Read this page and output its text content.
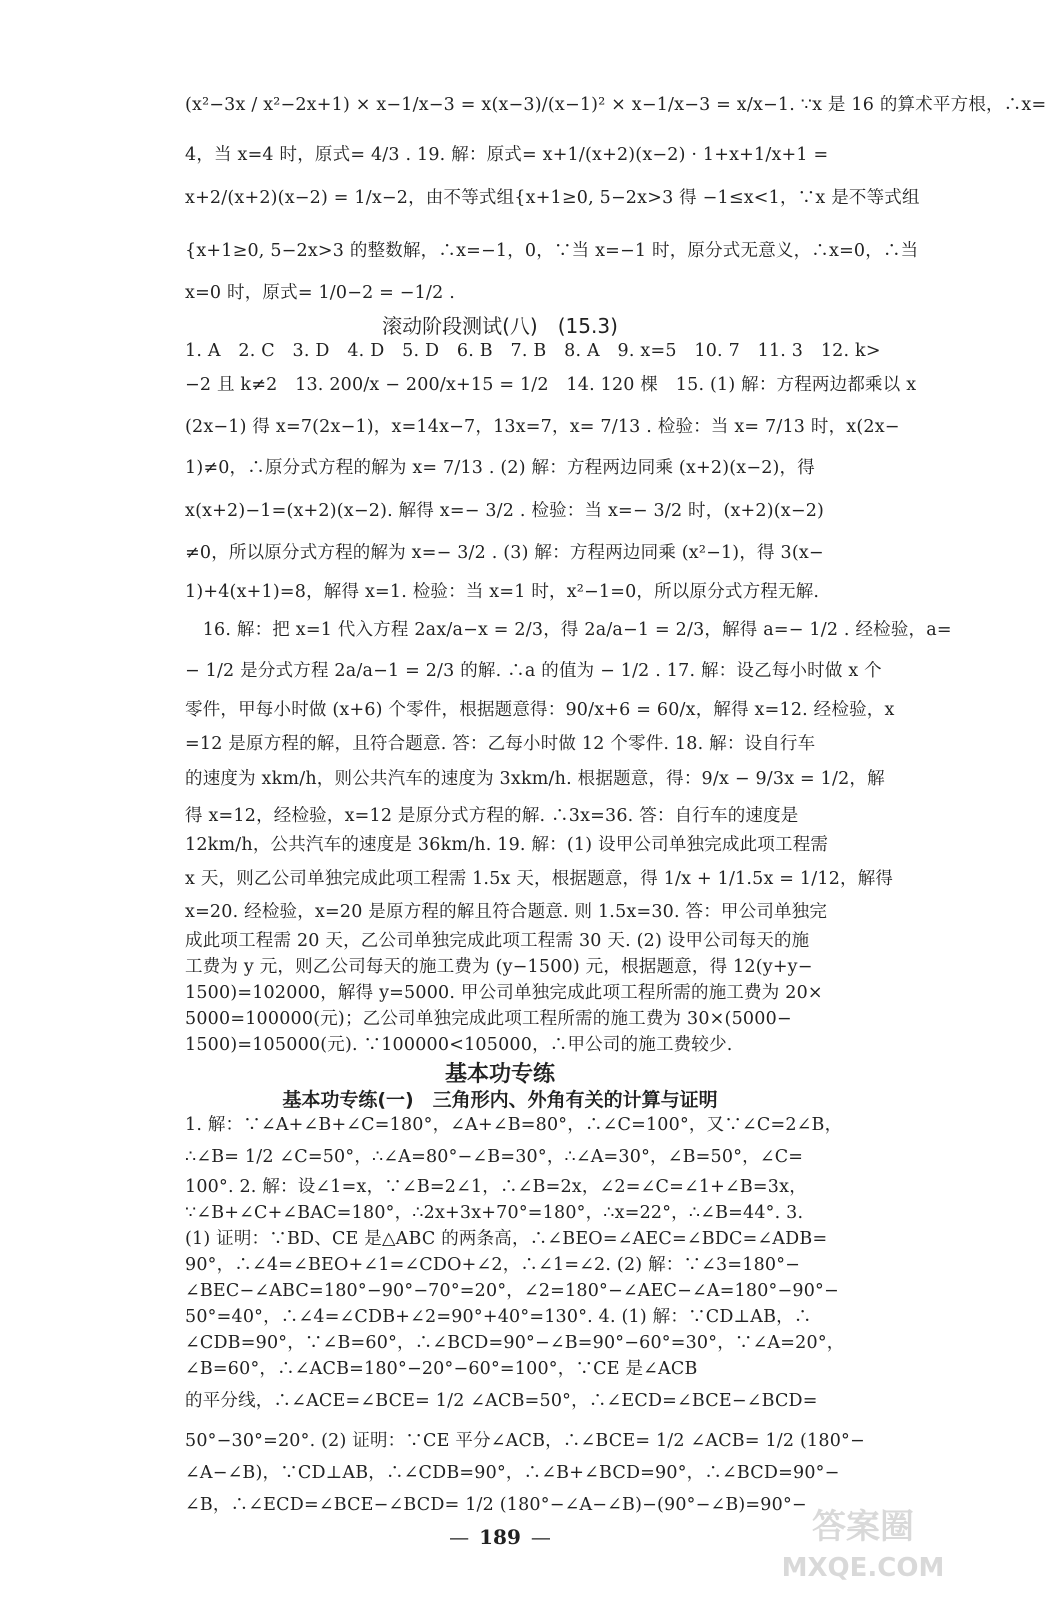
(x²−3x / x²−2x+1) × x−1/x−3 = x(x−3)/(x−1)² × x−1/x−3 = x/x−1. ∵x 是 16 的算术平方根，∴x=
4，当 x=4 时，原式= 4/3 . 19. 解：原式= x+1/(x+2)(x−2) · 1+x+1/x+1 =
x+2/(x+2)(x−2) = 1/x−2，由不等式组{x+1≥0, 5−2x>3 得 −1≤x<1，∵x 是不等式组
{x+1≥0, 5−2x>3 的整数解，∴x=−1，0，∵当 x=−1 时，原分式无意义，∴x=0，∴当
x=0 时，原式= 1/0−2 = −1/2 .
滚动阶段测试(八)　(15.3)
1. A　2. C　3. D　4. D　5. D　6. B　7. B　8. A　9. x=5　10. 7　11. 3　12. k>
−2 且 k≠2　13. 200/x − 200/x+15 = 1/2　14. 120 棵　15. (1) 解：方程两边都乘以 x
(2x−1) 得 x=7(2x−1)，x=14x−7，13x=7，x= 7/13 . 检验：当 x= 7/13 时，x(2x−
1)≠0，∴原分式方程的解为 x= 7/13 . (2) 解：方程两边同乘 (x+2)(x−2)，得
x(x+2)−1=(x+2)(x−2). 解得 x=− 3/2 . 检验：当 x=− 3/2 时，(x+2)(x−2)
≠0，所以原分式方程的解为 x=− 3/2 . (3) 解：方程两边同乘 (x²−1)，得 3(x−
1)+4(x+1)=8，解得 x=1. 检验：当 x=1 时，x²−1=0，所以原分式方程无解.
　16. 解：把 x=1 代入方程 2ax/a−x = 2/3，得 2a/a−1 = 2/3，解得 a=− 1/2 . 经检验，a=
− 1/2 是分式方程 2a/a−1 = 2/3 的解. ∴a 的值为 − 1/2 . 17. 解：设乙每小时做 x 个
零件，甲每小时做 (x+6) 个零件，根据题意得：90/x+6 = 60/x，解得 x=12. 经检验，x
=12 是原方程的解，且符合题意. 答：乙每小时做 12 个零件. 18. 解：设自行车
的速度为 xkm/h，则公共汽车的速度为 3xkm/h. 根据题意，得：9/x − 9/3x = 1/2，解
得 x=12，经检验，x=12 是原分式方程的解. ∴3x=36. 答：自行车的速度是
12km/h，公共汽车的速度是 36km/h. 19. 解：(1) 设甲公司单独完成此项工程需
x 天，则乙公司单独完成此项工程需 1.5x 天，根据题意，得 1/x + 1/1.5x = 1/12，解得
x=20. 经检验，x=20 是原方程的解且符合题意. 则 1.5x=30. 答：甲公司单独完
成此项工程需 20 天，乙公司单独完成此项工程需 30 天. (2) 设甲公司每天的施
工费为 y 元，则乙公司每天的施工费为 (y−1500) 元，根据题意，得 12(y+y−
1500)=102000，解得 y=5000. 甲公司单独完成此项工程所需的施工费为 20×
5000=100000(元)；乙公司单独完成此项工程所需的施工费为 30×(5000−
1500)=105000(元). ∵100000<105000，∴甲公司的施工费较少.
基本功专练
基本功专练(一)　三角形内、外角有关的计算与证明
1. 解：∵∠A+∠B+∠C=180°，∠A+∠B=80°，∴∠C=100°，又∵∠C=2∠B，
∴∠B= 1/2 ∠C=50°，∴∠A=80°−∠B=30°，∴∠A=30°，∠B=50°，∠C=
100°. 2. 解：设∠1=x，∵∠B=2∠1，∴∠B=2x，∠2=∠C=∠1+∠B=3x，
∵∠B+∠C+∠BAC=180°，∴2x+3x+70°=180°，∴x=22°，∴∠B=44°. 3.
(1) 证明：∵BD、CE 是△ABC 的两条高，∴∠BEO=∠AEC=∠BDC=∠ADB=
90°，∴∠4=∠BEO+∠1=∠CDO+∠2，∴∠1=∠2. (2) 解：∵∠3=180°−
∠BEC−∠ABC=180°−90°−70°=20°，∠2=180°−∠AEC−∠A=180°−90°−
50°=40°，∴∠4=∠CDB+∠2=90°+40°=130°. 4. (1) 解：∵CD⊥AB，∴
∠CDB=90°，∵∠B=60°，∴∠BCD=90°−∠B=90°−60°=30°，∵∠A=20°，
∠B=60°，∴∠ACB=180°−20°−60°=100°，∵CE 是∠ACB
的平分线，∴∠ACE=∠BCE= 1/2 ∠ACB=50°，∴∠ECD=∠BCE−∠BCD=
50°−30°=20°. (2) 证明：∵CE 平分∠ACB，∴∠BCE= 1/2 ∠ACB= 1/2 (180°−
∠A−∠B)，∵CD⊥AB，∴∠CDB=90°，∴∠B+∠BCD=90°，∴∠BCD=90°−
∠B，∴∠ECD=∠BCE−∠BCD= 1/2 (180°−∠A−∠B)−(90°−∠B)=90°−
— 189 —	答案圈
MXQE.COM
